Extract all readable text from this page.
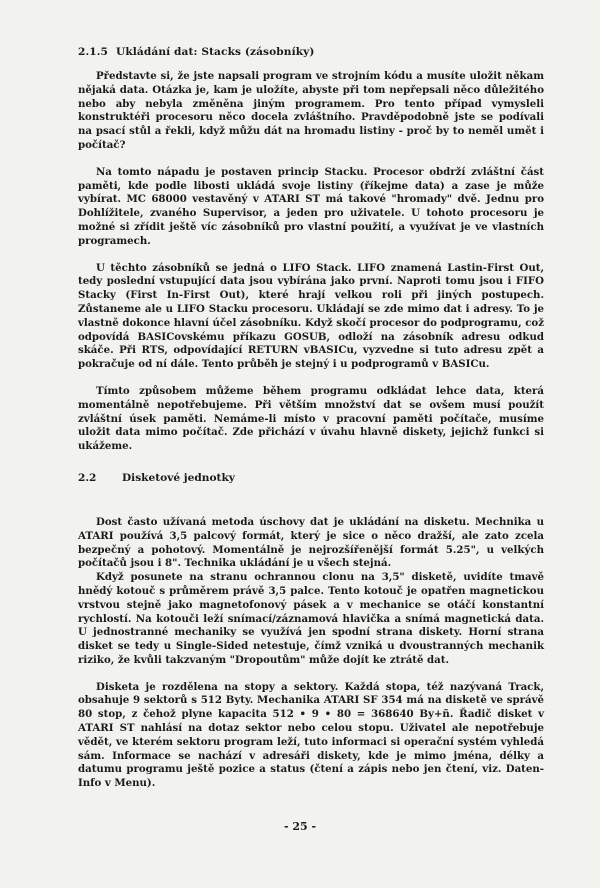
2.1.5 Ukládání dat: Stacks (zásobníky)

Představte si, že jste napsali program ve strojním kódu a musíte uložit někam nějaká data. Otázka je, kam je uložíte, abyste při tom nepřepsali něco důležitého nebo aby nebyla změněna jiným programem. Pro tento případ vymysleli konstruktéři procesoru něco docela zvláštního. Pravděpodobně jste se podívali na psací stůl a řekli, když můžu dát na hromadu listiny - proč by to neměl umět i počítač?

Na tomto nápadu je postaven princip Stacku. Procesor obdrží zvláštní část paměti, kde podle libosti ukládá svoje listiny (říkejme data) a zase je může vybírat. MC 68000 vestavěný v ATARI ST má takové "hromady" dvě. Jednu pro Dohlížitele, zvaného Supervisor, a jeden pro uživatele. U tohoto procesoru je možné si zřídit ještě víc zásobníků pro vlastní použití, a využívat je ve vlastních programech.

U těchto zásobníků se jedná o LIFO Stack. LIFO znamená Lastin-First Out, tedy poslední vstupující data jsou vybírána jako první. Naproti tomu jsou i FIFO Stacky (First In-First Out), které hrají velkou roli při jiných postupech. Zůstaneme ale u LIFO Stacku procesoru. Ukládají se zde mimo dat i adresy. To je vlastně dokonce hlavní účel zásobníku. Když skočí procesor do podprogramu, což odpovídá BASICovskému příkazu GOSUB, odloží na zásobník adresu odkud skáče. Při RTS, odpovídající RETURN vBASICu, vyzvedne si tuto adresu zpět a pokračuje od ní dále. Tento průběh je stejný i u podprogramů v BASICu.

Tímto způsobem můžeme během programu odkládat lehce data, která momentálně nepotřebujeme. Při větším množství dat se ovšem musí použít zvláštní úsek paměti. Nemáme-li místo v pracovní paměti počítače, musíme uložit data mimo počítač. Zde přichází v úvahu hlavně diskety, jejichž funkci si ukážeme.

2.2 Disketové jednotky

Dost často užívaná metoda úschovy dat je ukládání na disketu. Mechnika u ATARI používá 3,5 palcový formát, který je sice o něco dražší, ale zato zcela bezpečný a pohotový. Momentálně je nejrozšířenější formát 5.25", u velkých počítačů jsou i 8". Technika ukládání je u všech stejná.

Když posunete na stranu ochrannou clonu na 3,5" disketě, uvidíte tmavě hnědý kotouč s průměrem právě 3,5 palce. Tento kotouč je opatřen magnetickou vrstvou stejně jako magnetofonový pásek a v mechanice se otáčí konstantní rychlostí. Na kotouči leží snímací/záznamová hlavička a snímá magnetická data. U jednostranné mechaniky se využívá jen spodní strana diskety. Horní strana disket se tedy u Single-Sided netestuje, čímž vzniká u dvoustranných mechanik riziko, že kvůli takzvaným "Dropoutům" může dojít ke ztrátě dat.

Disketa je rozdělena na stopy a sektory. Každá stopa, též nazývaná Track, obsahuje 9 sektorů s 512 Byty. Mechanika ATARI SF 354 má na disketě ve správě 80 stop, z čehož plyne kapacita 512 • 9 • 80 = 368640 By+ñ. Řadič disket v ATARI ST nahlásí na dotaz sektor nebo celou stopu. Uživatel ale nepotřebuje vědět, ve kterém sektoru program leží, tuto informaci si operační systém vyhledá sám. Informace se nachází v adresáři diskety, kde je mimo jména, délky a datumu programu ještě pozice a status (čtení a zápis nebo jen čtení, viz. Daten-Info v Menu).

- 25 -
